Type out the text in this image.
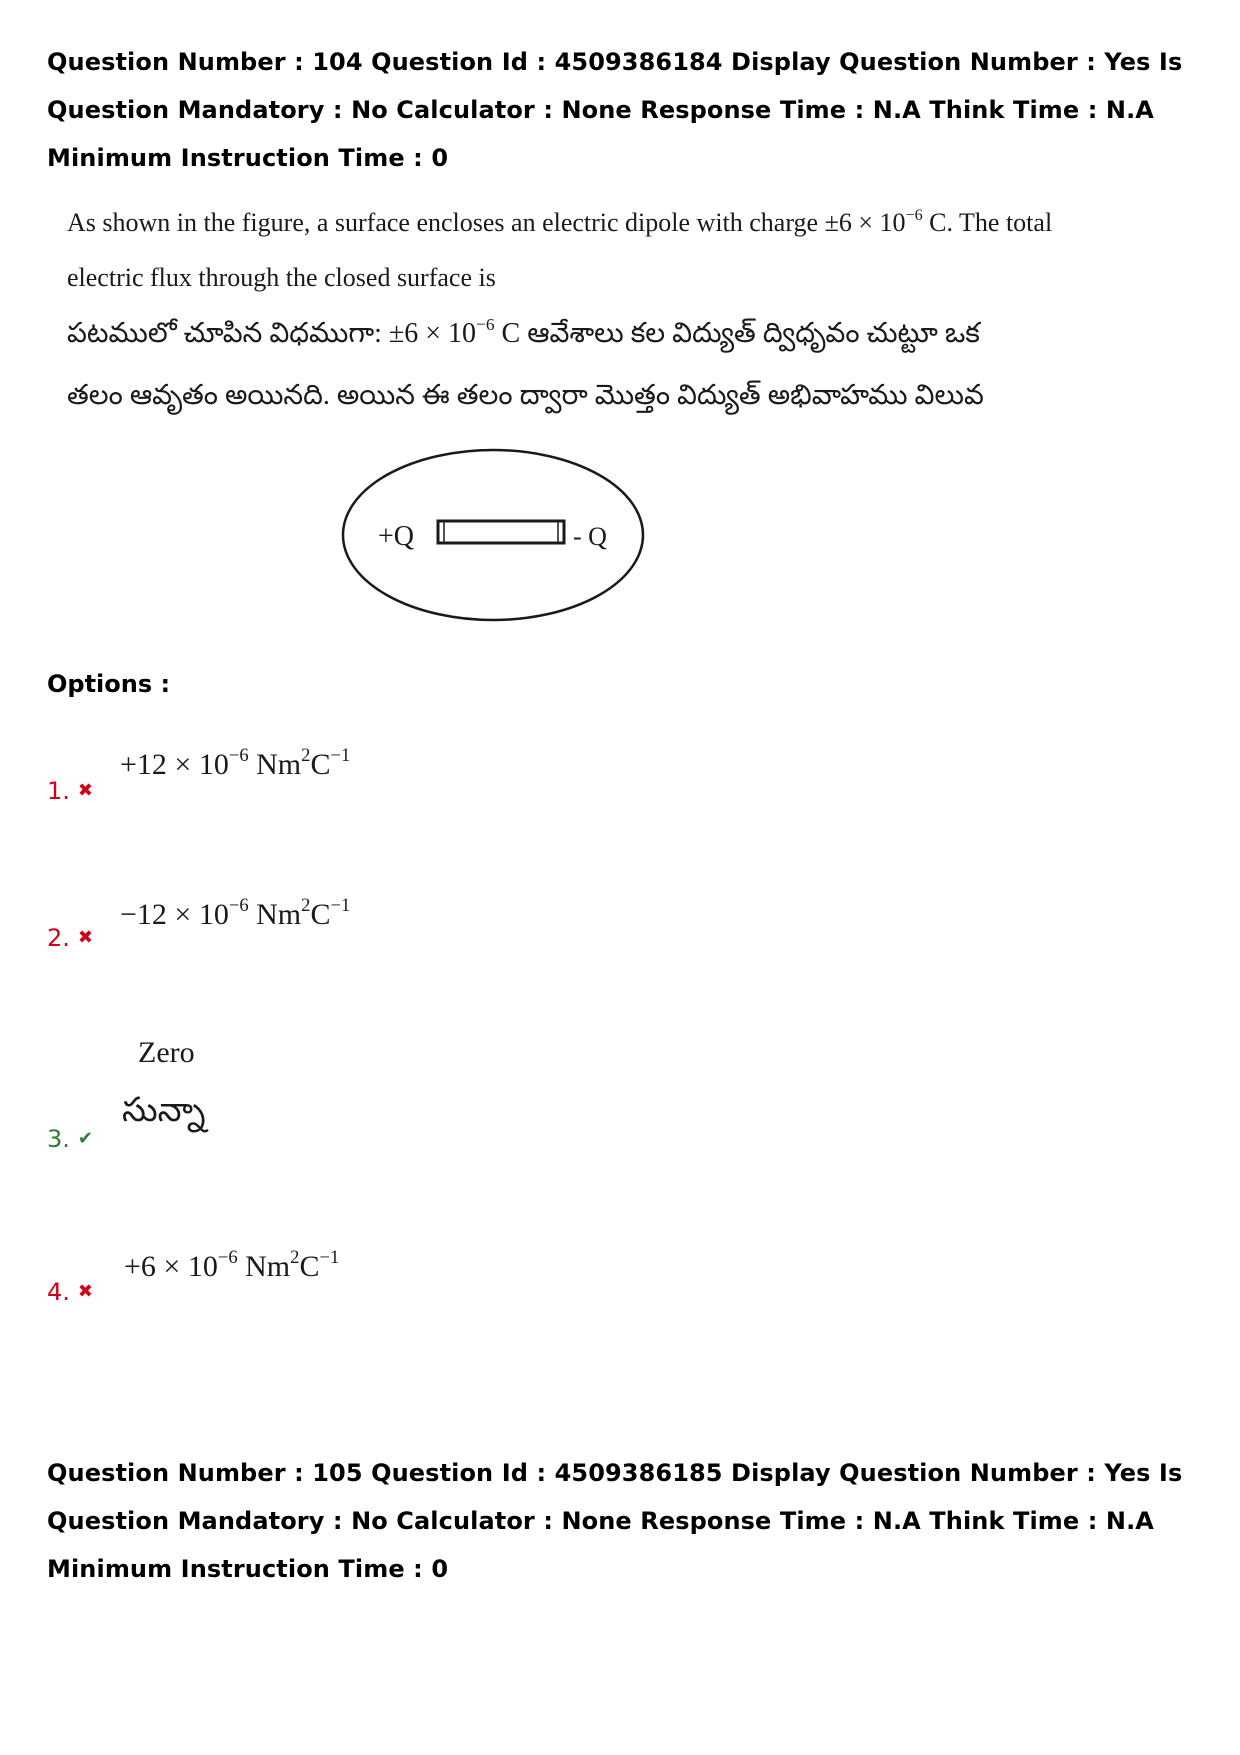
Question Number : 104 Question Id : 4509386184 Display Question Number : Yes Is Question Mandatory : No Calculator : None Response Time : N.A Think Time : N.A Minimum Instruction Time : 0
As shown in the figure, a surface encloses an electric dipole with charge $\pm 6 \times 10^{-6}$ C. The total
electric flux through the closed surface is
పటములో చూపిన విధముగా: $\pm 6 \times 10^{-6}$ C ఆవేశాలు కల విద్యుత్ ద్విధృవం చుట్టూ ఒక
తలం ఆవృతం అయినది. అయిన ఈ తలం ద్వారా మొత్తం విద్యుత్ అభివాహము విలువ
+Q	- Q
Options :
1. ✖
$+12 \times 10^{-6}$ $Nm^2C^{-1}$
2. ✖
$-12 \times 10^{-6}$ $Nm^2C^{-1}$
3. ✔
Zero
సున్నా
4. ✖
$+6 \times 10^{-6}$ $Nm^2C^{-1}$
Question Number : 105 Question Id : 4509386185 Display Question Number : Yes Is Question Mandatory : No Calculator : None Response Time : N.A Think Time : N.A Minimum Instruction Time : 0
